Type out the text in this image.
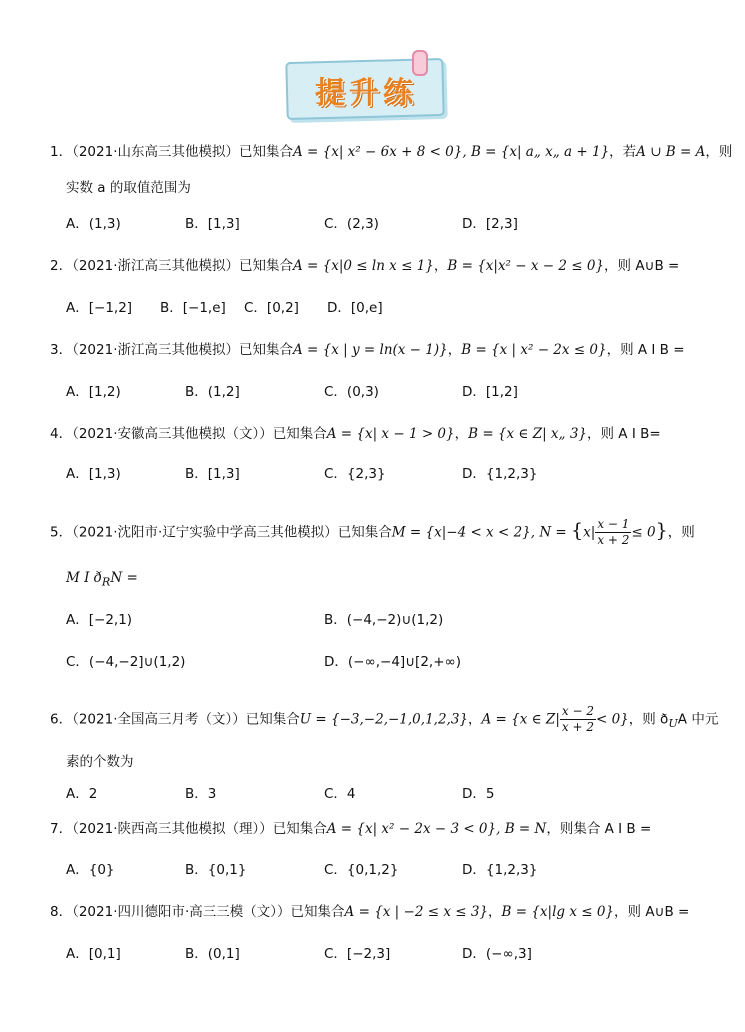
提升练
1．（2021·山东高三其他模拟）已知集合A = {x| x² − 6x + 8 < 0}, B = {x| a„ x„ a + 1}，若A ∪ B = A，则
实数 a 的取值范围为
A．(1,3)	B．[1,3]	C．(2,3)	D．[2,3]
2．（2021·浙江高三其他模拟）已知集合A = {x|0 ≤ ln x ≤ 1}，B = {x|x² − x − 2 ≤ 0}，则 A∪B =
A．[−1,2] B．[−1,e] C．[0,2] D．[0,e]
3．（2021·浙江高三其他模拟）已知集合A = {x | y = ln(x − 1)}，B = {x | x² − 2x ≤ 0}，则 A I B =
A．[1,2)	B．(1,2]	C．(0,3)	D．[1,2]
4．（2021·安徽高三其他模拟（文））已知集合A = {x| x − 1 > 0}，B = {x ∈ Z| x„ 3}，则 A I B=
A．[1,3)	B．[1,3]	C．{2,3}	D．{1,2,3}
5．（2021·沈阳市·辽宁实验中学高三其他模拟）已知集合M = {x|−4 < x < 2}, $N = \{x| \frac{x - 1}{x + 2} \le 0\}$，则
M I $ð_RN$ =
A．[−2,1)	B．(−4,−2)∪(1,2)
C．(−4,−2]∪(1,2)	D．(−∞,−4]∪[2,+∞)
6．（2021·全国高三月考（文））已知集合U = {−3,−2,−1,0,1,2,3}，A = {x ∈ $Z| \frac{x - 2}{x + 2} < 0$}，则 $ð_UA$ 中元
素的个数为
A．2	B．3	C．4	D．5
7．（2021·陕西高三其他模拟（理））已知集合A = {x| x² − 2x − 3 < 0}, B = N，则集合 A I B =
A．{0}	B．{0,1}	C．{0,1,2}	D．{1,2,3}
8．（2021·四川德阳市·高三三模（文））已知集合A = {x | −2 ≤ x ≤ 3}，B = {x|lg x ≤ 0}，则 A∪B =
A．[0,1]	B．(0,1]	C．[−2,3]	D．(−∞,3]
